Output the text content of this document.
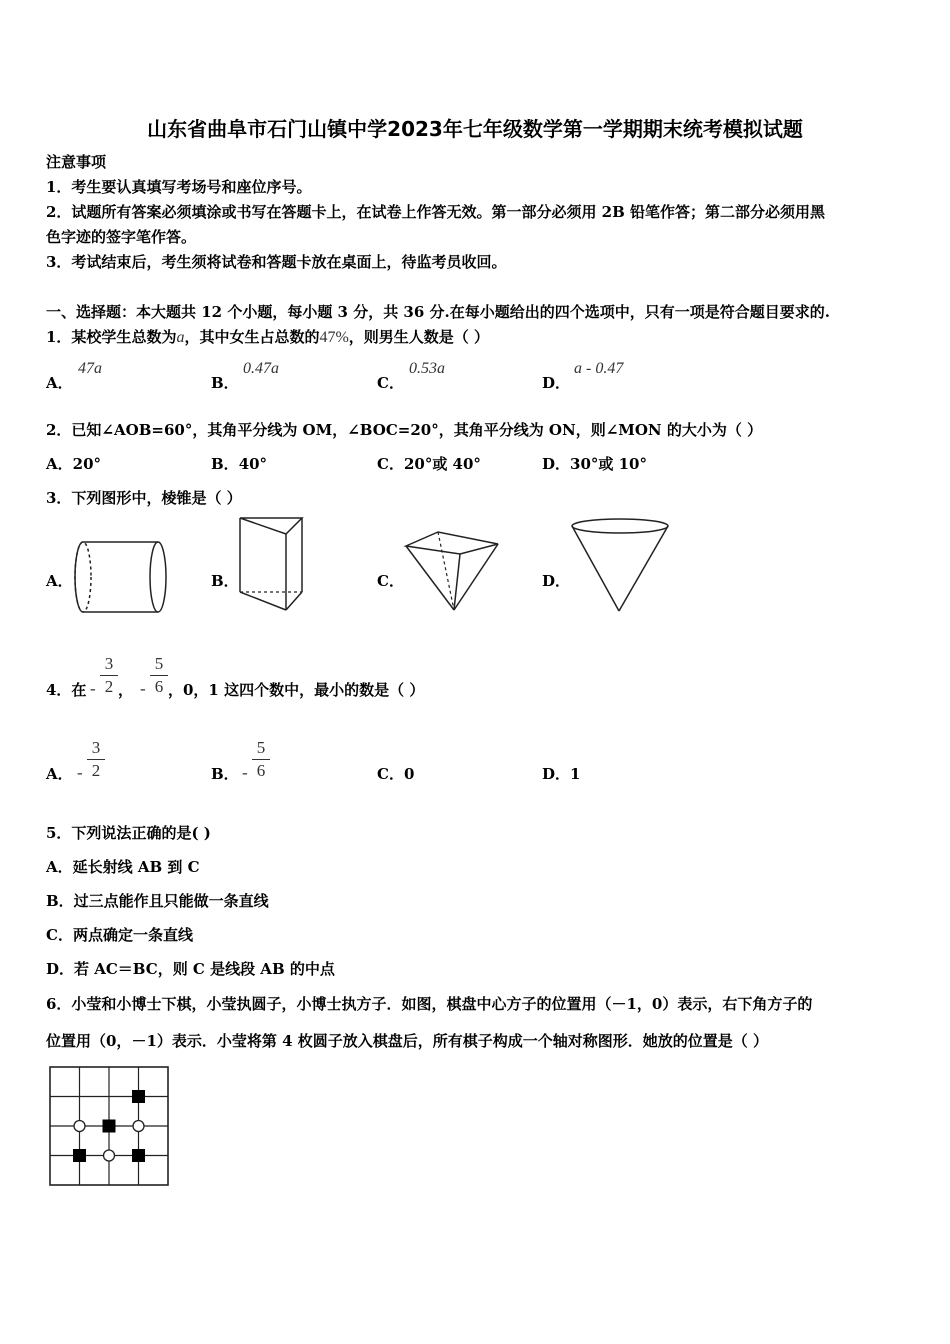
山东省曲阜市石门山镇中学2023年七年级数学第一学期期末统考模拟试题
注意事项
1．考生要认真填写考场号和座位序号。
2．试题所有答案必须填涂或书写在答题卡上，在试卷上作答无效。第一部分必须用 2B 铅笔作答；第二部分必须用黑
色字迹的签字笔作答。
3．考试结束后，考生须将试卷和答题卡放在桌面上，待监考员收回。
一、选择题：本大题共 12 个小题，每小题 3 分，共 36 分.在每小题给出的四个选项中，只有一项是符合题目要求的.
1．某校学生总数为a，其中女生占总数的47%，则男生人数是（ ）
A．
47a
B．
0.47a
C．
0.53a
D．
a - 0.47
2．已知∠AOB=60°，其角平分线为 OM，∠BOC=20°，其角平分线为 ON，则∠MON 的大小为（ ）
A．20°	B．40°	C．20°或 40°	D．30°或 10°
3．下列图形中，棱锥是（ ）
A．	B．	C．	D．
4．在 -
3
2 ， -
5
6 ，0，1 这四个数中，最小的数是（ ）
A． -
3
2	B． -
5
6	C．0	D．1
5．下列说法正确的是( )
A．延长射线 AB 到 C
B．过三点能作且只能做一条直线
C．两点确定一条直线
D．若 AC＝BC，则 C 是线段 AB 的中点
6．小莹和小博士下棋，小莹执圆子，小博士执方子．如图，棋盘中心方子的位置用（－1，0）表示，右下角方子的
位置用（0，－1）表示．小莹将第 4 枚圆子放入棋盘后，所有棋子构成一个轴对称图形．她放的位置是（ ）
